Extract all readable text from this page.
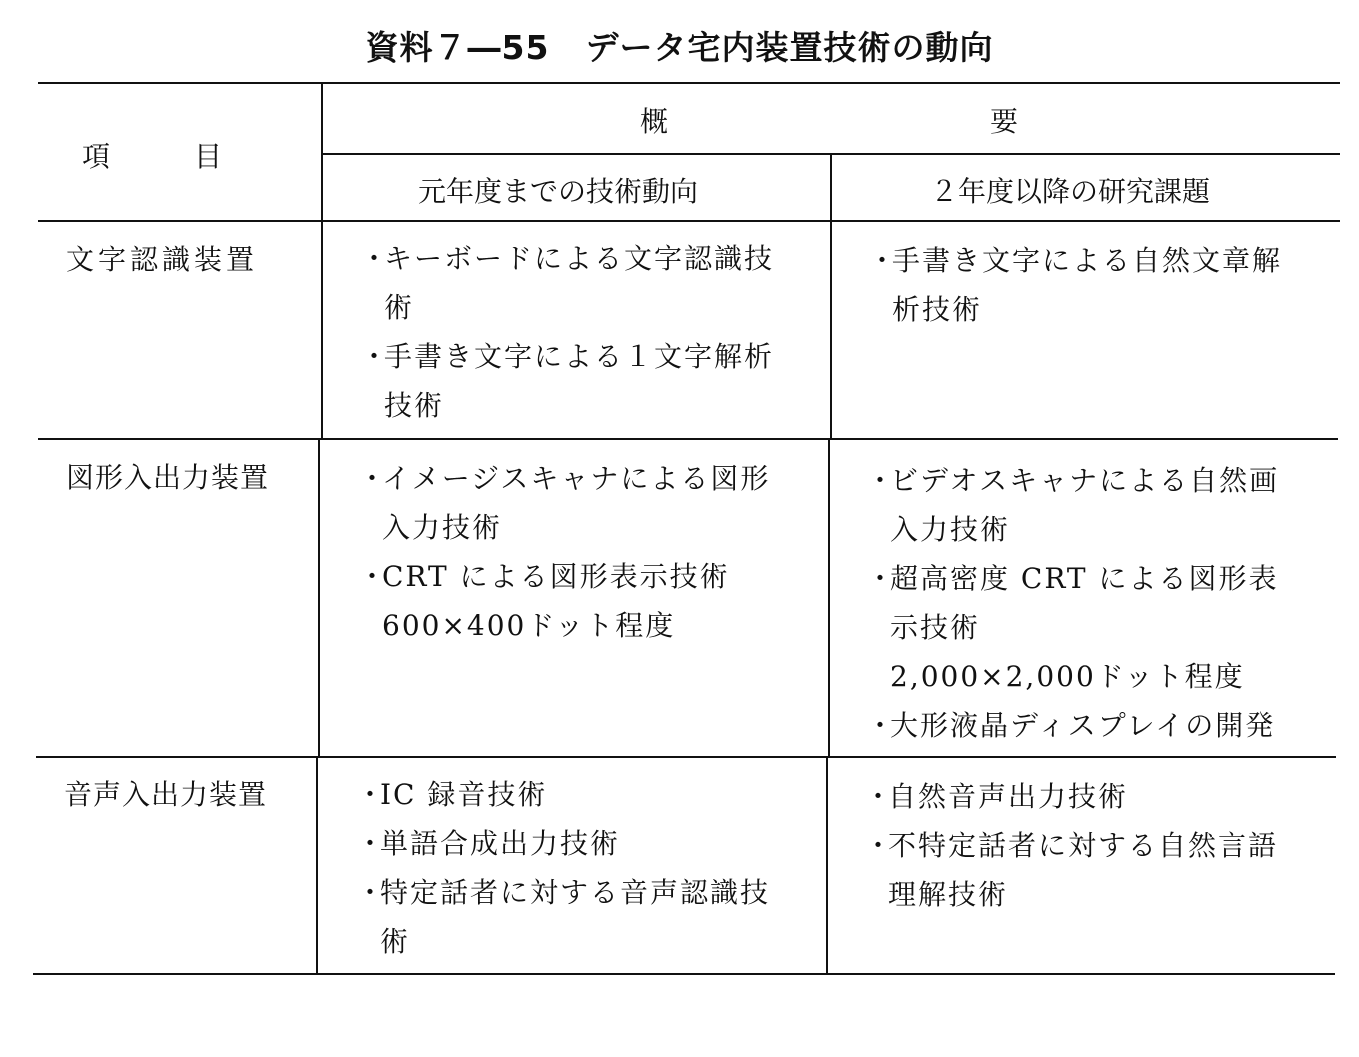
資料７―55 データ宅内装置技術の動向
項　　　目
概	要
元年度までの技術動向	２年度以降の研究課題
文字認識装置
図形入出力装置
音声入出力装置
・
キーボードによる文字認識技
術
・
手書き文字による１文字解析
技術
・
手書き文字による自然文章解
析技術
・
イメージスキャナによる図形
入力技術
・
CRT による図形表示技術
600×400ドット程度
・
ビデオスキャナによる自然画
入力技術
・
超高密度 CRT による図形表
示技術
2,000×2,000ドット程度
・
大形液晶ディスプレイの開発
・
IC 録音技術
・
単語合成出力技術
・
特定話者に対する音声認識技
術
・
自然音声出力技術
・
不特定話者に対する自然言語
理解技術
